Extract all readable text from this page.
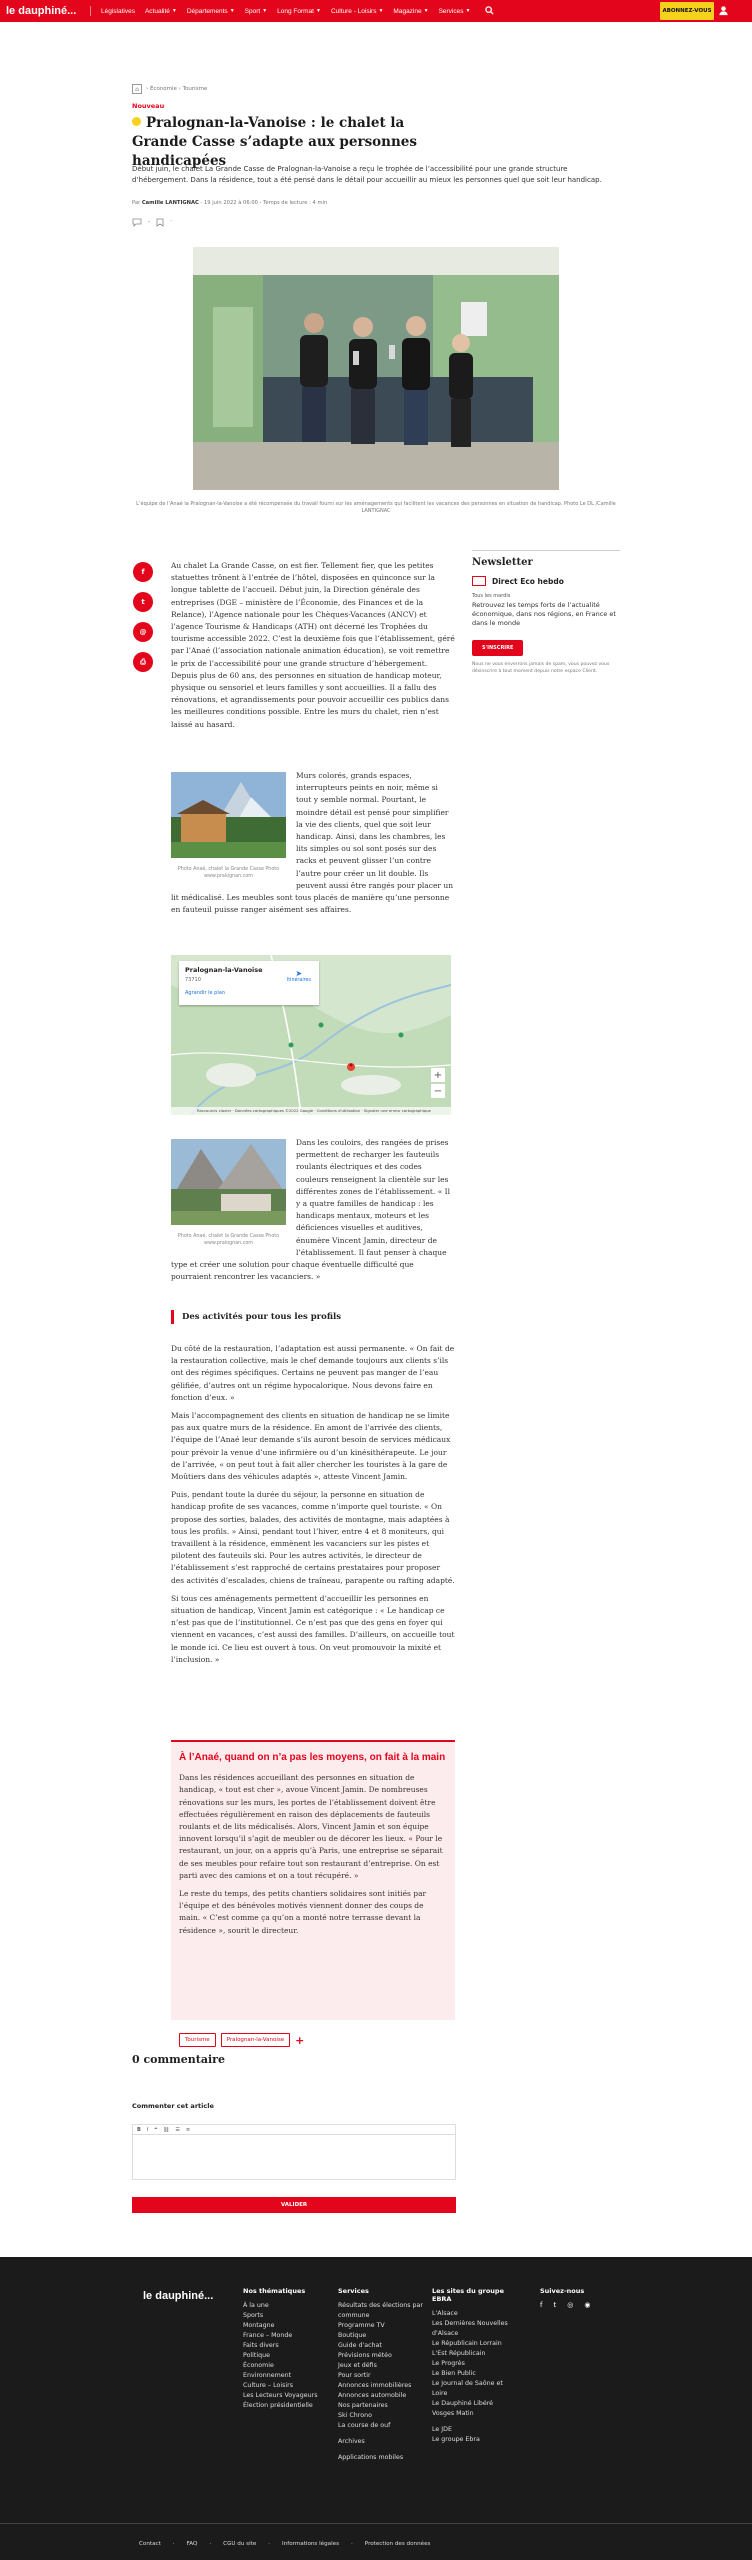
le dauphiné...	Législatives Actualité ▼ Départements ▼ Sport ▼ Long Format ▼ Culture - Loisirs ▼ Magazine ▼ Services ▼	ABONNEZ-VOUS
⌂	› Économie › Tourisme
Nouveau
Pralognan-la-Vanoise : le chalet la Grande Casse s’adapte aux personnes handicapées
Début juin, le chalet La Grande Casse de Pralognan-la-Vanoise a reçu le trophée de l’accessibilité pour une grande structure d’hébergement. Dans la résidence, tout a été pensé dans le détail pour accueillir au mieux les personnes quel que soit leur handicap.
Par Camille LANTIGNAC - 19 juin 2022 à 06:00 - Temps de lecture : 4 min
-	·
L’équipe de l’Anaé la Pralognan-la-Vanoise a été récompensée du travail fourni sur les aménagements qui facilitent les vacances des personnes en situation de handicap. Photo Le DL /Camille LANTIGNAC
f
t
@
⎙
Au chalet La Grande Casse, on est fier. Tellement fier, que les petites statuettes trônent à l’entrée de l’hôtel, disposées en quinconce sur la longue tablette de l’accueil. Début juin, la Direction générale des entreprises (DGE – ministère de l’Économie, des Finances et de la Relance), l’Agence nationale pour les Chèques-Vacances (ANCV) et l’agence Tourisme & Handicaps (ATH) ont décerné les Trophées du tourisme accessible 2022. C’est la deuxième fois que l’établissement, géré par l’Anaé (l’association nationale animation éducation), se voit remettre le prix de l’accessibilité pour une grande structure d’hébergement. Depuis plus de 60 ans, des personnes en situation de handicap moteur, physique ou sensoriel et leurs familles y sont accueillies. Il a fallu des rénovations, et agrandissements pour pouvoir accueillir ces publics dans les meilleures conditions possible. Entre les murs du chalet, rien n’est laissé au hasard.
Photo Anaé, chalet la Grande Casse Photo www.pralognan.com
Murs colorés, grands espaces, interrupteurs peints en noir, même si tout y semble normal. Pourtant, le moindre détail est pensé pour simplifier la vie des clients, quel que soit leur handicap. Ainsi, dans les chambres, les lits simples ou sol sont posés sur des racks et peuvent glisser l’un contre l’autre pour créer un lit double. Ils peuvent aussi être rangés pour placer un lit médicalisé. Les meubles sont tous placés de manière qu’une personne en fauteuil puisse ranger aisément ses affaires.
Pralognan-la-Vanoise
73710
Agrandir le plan
➤
Itinéraires
+
−
Raccourcis clavier · Données cartographiques ©2022 Google · Conditions d'utilisation · Signaler une erreur cartographique
Photo Anaé, chalet la Grande Casse Photo www.pralognan.com
Dans les couloirs, des rangées de prises permettent de recharger les fauteuils roulants électriques et des codes couleurs renseignent la clientèle sur les différentes zones de l’établissement. « Il y a quatre familles de handicap : les handicaps mentaux, moteurs et les déficiences visuelles et auditives, énumère Vincent Jamin, directeur de l’établissement. Il faut penser à chaque type et créer une solution pour chaque éventuelle difficulté que pourraient rencontrer les vacanciers. »
Des activités pour tous les profils

Du côté de la restauration, l’adaptation est aussi permanente. « On fait de la restauration collective, mais le chef demande toujours aux clients s’ils ont des régimes spécifiques. Certains ne peuvent pas manger de l’eau gélifiée, d’autres ont un régime hypocalorique. Nous devons faire en fonction d’eux. »

Mais l’accompagnement des clients en situation de handicap ne se limite pas aux quatre murs de la résidence. En amont de l’arrivée des clients, l’équipe de l’Anaé leur demande s’ils auront besoin de services médicaux pour prévoir la venue d’une infirmière ou d’un kinésithérapeute. Le jour de l’arrivée, « on peut tout à fait aller chercher les touristes à la gare de Moûtiers dans des véhicules adaptés », atteste Vincent Jamin.

Puis, pendant toute la durée du séjour, la personne en situation de handicap profite de ses vacances, comme n’importe quel touriste. « On propose des sorties, balades, des activités de montagne, mais adaptées à tous les profils. » Ainsi, pendant tout l’hiver, entre 4 et 8 moniteurs, qui travaillent à la résidence, emmènent les vacanciers sur les pistes et pilotent des fauteuils ski. Pour les autres activités, le directeur de l’établissement s’est rapproché de certains prestataires pour proposer des activités d’escalades, chiens de traîneau, parapente ou rafting adapté.

Si tous ces aménagements permettent d’accueillir les personnes en situation de handicap, Vincent Jamin est catégorique : « Le handicap ce n’est pas que de l’institutionnel. Ce n’est pas que des gens en foyer qui viennent en vacances, c’est aussi des familles. D’ailleurs, on accueille tout le monde ici. Ce lieu est ouvert à tous. On veut promouvoir la mixité et l’inclusion. »

À l’Anaé, quand on n’a pas les moyens, on fait à la main

Dans les résidences accueillant des personnes en situation de handicap, « tout est cher », avoue Vincent Jamin. De nombreuses rénovations sur les murs, les portes de l’établissement doivent être effectuées régulièrement en raison des déplacements de fauteuils roulants et de lits médicalisés. Alors, Vincent Jamin et son équipe innovent lorsqu’il s’agit de meubler ou de décorer les lieux. « Pour le restaurant, un jour, on a appris qu’à Paris, une entreprise se séparait de ses meubles pour refaire tout son restaurant d’entreprise. On est parti avec des camions et on a tout récupéré. »

Le reste du temps, des petits chantiers solidaires sont initiés par l’équipe et des bénévoles motivés viennent donner des coups de main. « C’est comme ça qu’on a monté notre terrasse devant la résidence », sourit le directeur.

Tourisme	Pralognan-la-Vanoise	+
0 commentaire
Commenter cet article
B I ❝ ⛓ ☰ ≡
VALIDER
Newsletter
Direct Eco hebdo
Tous les mardis
Retrouvez les temps forts de l’actualité économique, dans nos régions, en France et dans le monde
S'INSCRIRE
Nous ne vous enverrons jamais de spam, vous pouvez vous désinscrire à tout moment depuis notre espace Client.
le dauphiné...	Nos thématiques
À la une
Sports
Montagne
France – Monde
Faits divers
Politique
Économie
Environnement
Culture – Loisirs
Les Lecteurs Voyageurs
Élection présidentielle
Services
Résultats des élections par commune
Programme TV
Boutique
Guide d'achat
Prévisions météo
Jeux et défis
Pour sortir
Annonces immobilières
Annonces automobile
Nos partenaires
Ski Chrono
La course de ouf
Archives
Applications mobiles
Les sites du groupe EBRA
L'Alsace
Les Dernières Nouvelles d'Alsace
Le Républicain Lorrain
L'Est Républicain
Le Progrès
Le Bien Public
Le Journal de Saône et Loire
Le Dauphiné Libéré
Vosges Matin
Le JDE
Le groupe Ebra
Suivez-nous
f t ◎ ◉
Contact · FAQ · CGU du site · Informations légales · Protection des données
